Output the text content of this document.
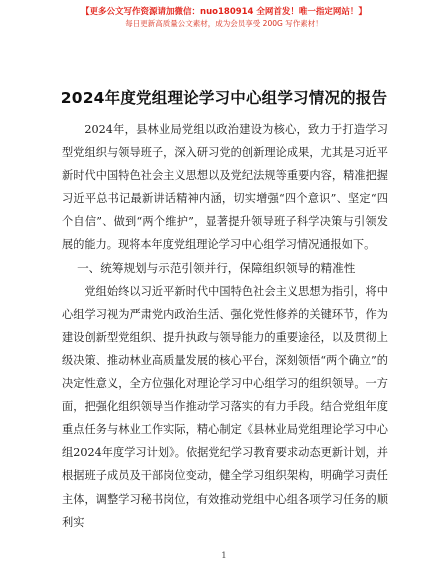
【更多公文写作资源请加微信：nuo180914 全网首发！唯一指定网站！】
每日更新高质量公文素材，成为会员享受 200G 写作素材！
2024年度党组理论学习中心组学习情况的报告

2024年，县林业局党组以政治建设为核心，致力于打造学习型党组织与领导班子，深入研习党的创新理论成果，尤其是习近平新时代中国特色社会主义思想以及党纪法规等重要内容，精准把握习近平总书记最新讲话精神内涵，切实增强“四个意识”、坚定“四个自信”、做到“两个维护”，显著提升领导班子科学决策与引领发展的能力。现将本年度党组理论学习中心组学习情况通报如下。

一、统筹规划与示范引领并行，保障组织领导的精准性

党组始终以习近平新时代中国特色社会主义思想为指引，将中心组学习视为严肃党内政治生活、强化党性修养的关键环节，作为建设创新型党组织、提升执政与领导能力的重要途径，以及贯彻上级决策、推动林业高质量发展的核心平台，深刻领悟“两个确立”的决定性意义，全方位强化对理论学习中心组学习的组织领导。一方面，把强化组织领导当作推动学习落实的有力手段。结合党组年度重点任务与林业工作实际，精心制定《县林业局党组理论学习中心组2024年度学习计划》。依据党纪学习教育要求动态更新计划，并根据班子成员及干部岗位变动，健全学习组织架构，明确学习责任主体，调整学习秘书岗位，有效推动党组中心组各项学习任务的顺利实

1
